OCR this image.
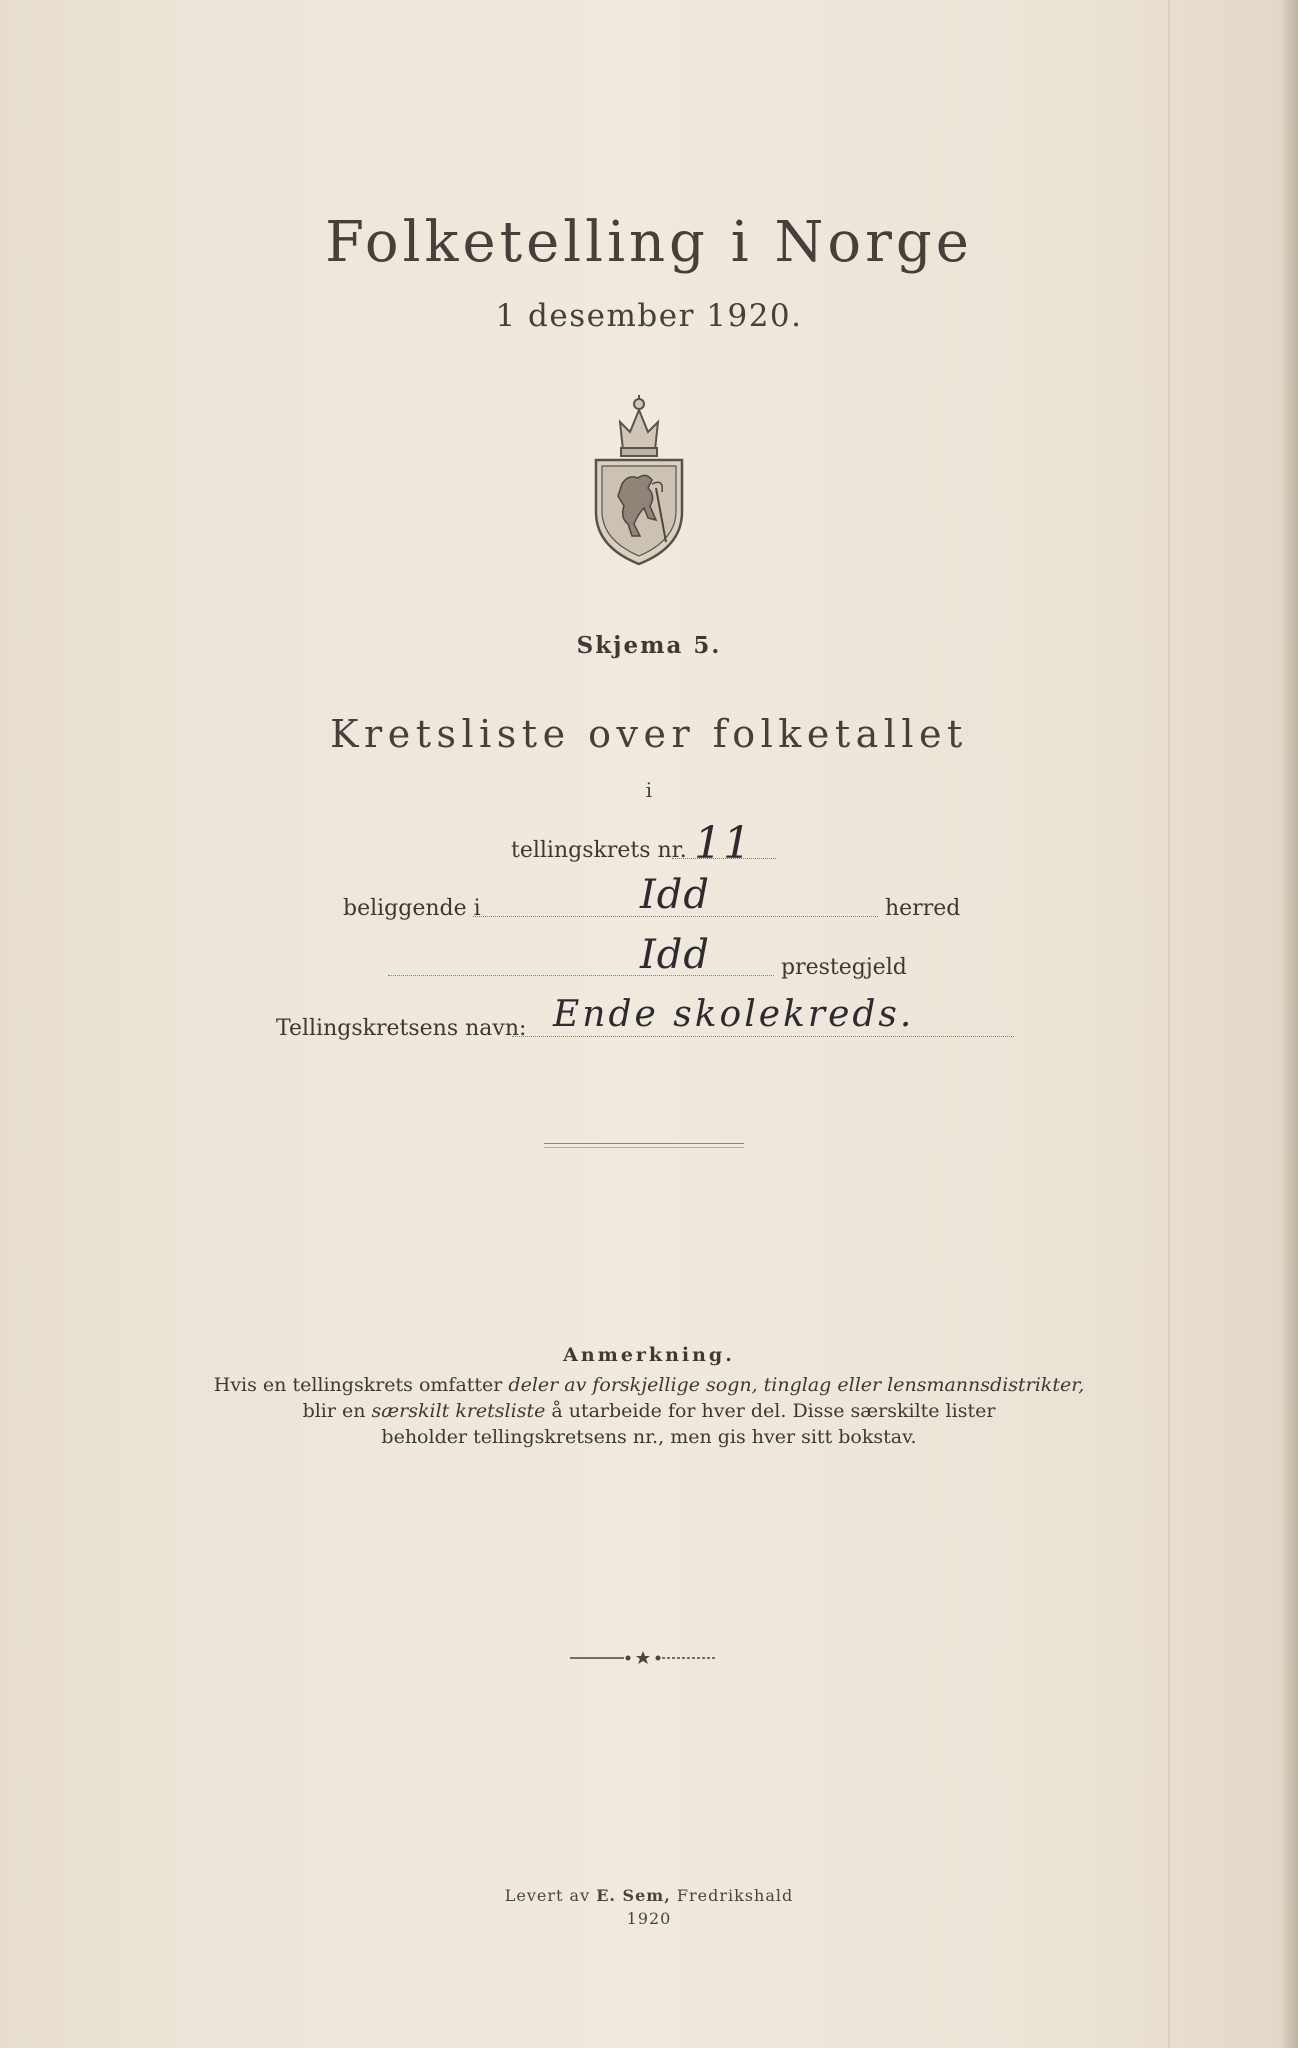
Folketelling i Norge
1 desember 1920.
Skjema 5.
Kretsliste over folketallet
i
tellingskrets nr. 11
beliggende i	Idd	herred
Idd	prestegjeld
Tellingskretsens navn: Ende skolekreds.
Anmerkning.
Hvis en tellingskrets omfatter deler av forskjellige sogn, tinglag eller lensmannsdistrikter,
blir en særskilt kretsliste å utarbeide for hver del. Disse særskilte lister
beholder tellingskretsens nr., men gis hver sitt bokstav.
Levert av E. Sem, Fredrikshald
1920
